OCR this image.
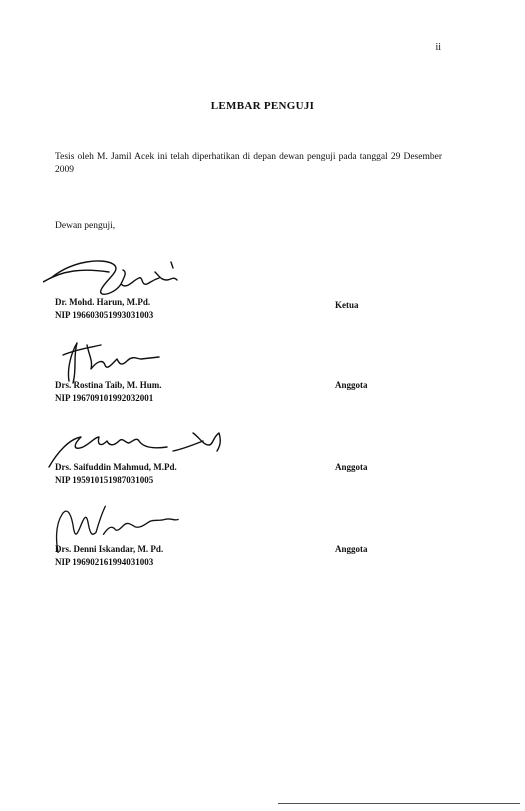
ii
LEMBAR PENGUJI
Tesis oleh M. Jamil Acek ini telah diperhatikan di depan dewan penguji pada tanggal 29 Desember 2009
Dewan penguji,
Dr. Mohd. Harun, M.Pd.
NIP 196603051993031003
Ketua
Drs. Rostina Taib, M. Hum.
NIP 196709101992032001
Anggota
Drs. Saifuddin Mahmud, M.Pd.
NIP 195910151987031005
Anggota
Drs. Denni Iskandar, M. Pd.
NIP 196902161994031003
Anggota
